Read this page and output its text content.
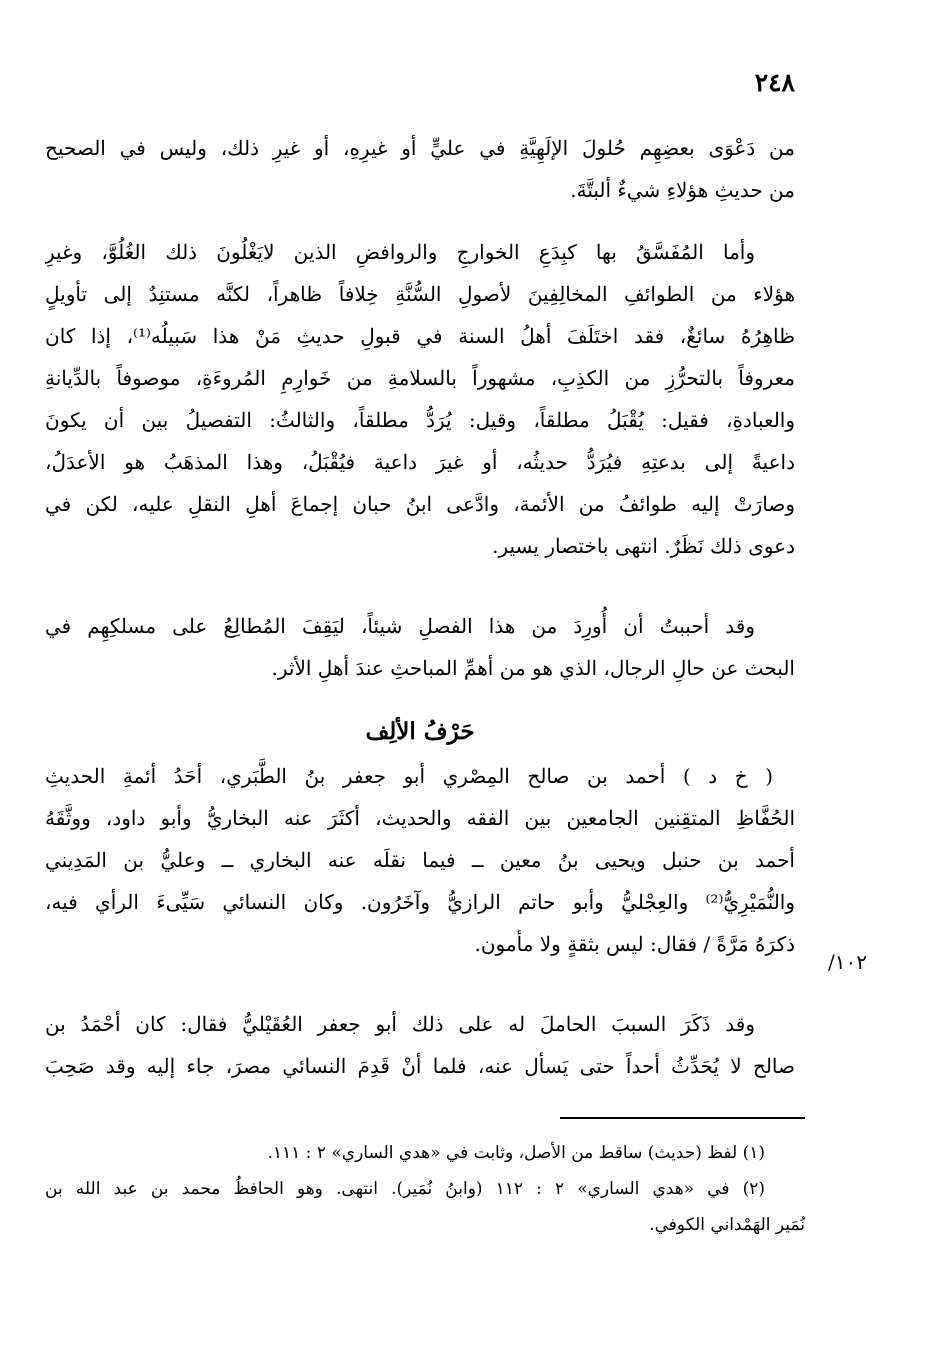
٢٤٨
من دَعْوَى بعضِهِم حُلولَ الإلَهِيَّةِ في عليٍّ أو غيرِهِ، أو غيرِ ذلك، وليس في الصحيح
من حديثِ هؤلاءِ شيءٌ ألبتَّةَ.
وأما المُفَسَّقُ بها كبِدَعِ الخوارجِ والروافضِ الذين لايَغْلُونَ ذلك الغُلُوَّ، وغيرِ
هؤلاء من الطوائفِ المخالِفِينَ لأصولِ السُّنَّةِ خِلافاً ظاهراً، لكنَّه مستنِدٌ إلى تأويلٍ
ظاهِرُهُ سائغٌ، فقد اختَلَفَ أهلُ السنة في قبولِ حديثِ مَنْ هذا سَبيلُه⁽¹⁾، إذا كان
معروفاً بالتحرُّزِ من الكذِبِ، مشهوراً بالسلامةِ من خَوارِمِ المُروءَةِ، موصوفاً بالدِّيانةِ
والعبادةِ، فقيل: يُقْبَلُ مطلقاً، وقيل: يُرَدُّ مطلقاً، والثالثُ: التفصيلُ بين أن يكونَ
داعيةً إلى بدعتِهِ فيُرَدُّ حديثُه، أو غيرَ داعية فيُقْبَلُ، وهذا المذهَبُ هو الأعدَلُ،
وصارَتْ إليه طوائفُ من الأئمة، وادَّعى ابنُ حبان إجماعَ أهلِ النقلِ عليه، لكن في
دعوى ذلك نَظَرٌ. انتهى باختصار يسير.
وقد أحببتُ أن أُورِدَ من هذا الفصلِ شيئاً، ليَقِفَ المُطالِعُ على مسلكِهِم في
البحث عن حالِ الرجال، الذي هو من أهمِّ المباحثِ عندَ أهلِ الأثر.
حَرْفُ الألِف
( خ د ) أحمد بن صالح المِصْري أبو جعفر بنُ الطَّبَري، أحَدُ أئمةِ الحديثِ
الحُفَّاظِ المتقِنين الجامعين بين الفقه والحديث، أكثَرَ عنه البخاريُّ وأبو داود، ووثَّقَهُ
أحمد بن حنبل ويحيى بنُ معين ــ فيما نقلَه عنه البخاري ــ وعليُّ بن المَدِيني
والنُّمَيْرِيُّ⁽²⁾ والعِجْليُّ وأبو حاتم الرازيُّ وآخَرُون. وكان النسائي سَيِّىءَ الرأي فيه،
ذكرَهُ مَرَّةً / فقال: ليس بثقةٍ ولا مأمون.
١٠٢/
وقد ذَكَرَ السببَ الحاملَ له على ذلك أبو جعفر العُقَيْليُّ فقال: كان أحْمَدُ بن
صالح لا يُحَدِّثُ أحداً حتى يَسأل عنه، فلما أنْ قَدِمَ النسائي مصرَ، جاء إليه وقد صَحِبَ
(١) لفظ (حديث) ساقط من الأصل، وثابت في «هدي الساري» ٢ : ١١١.
(٢) في «هدي الساري» ٢ : ١١٢ (وابنُ نُمَير). انتهى. وهو الحافظُ محمد بن عبد الله بن
نُمَير الهَمْداني الكوفي.
